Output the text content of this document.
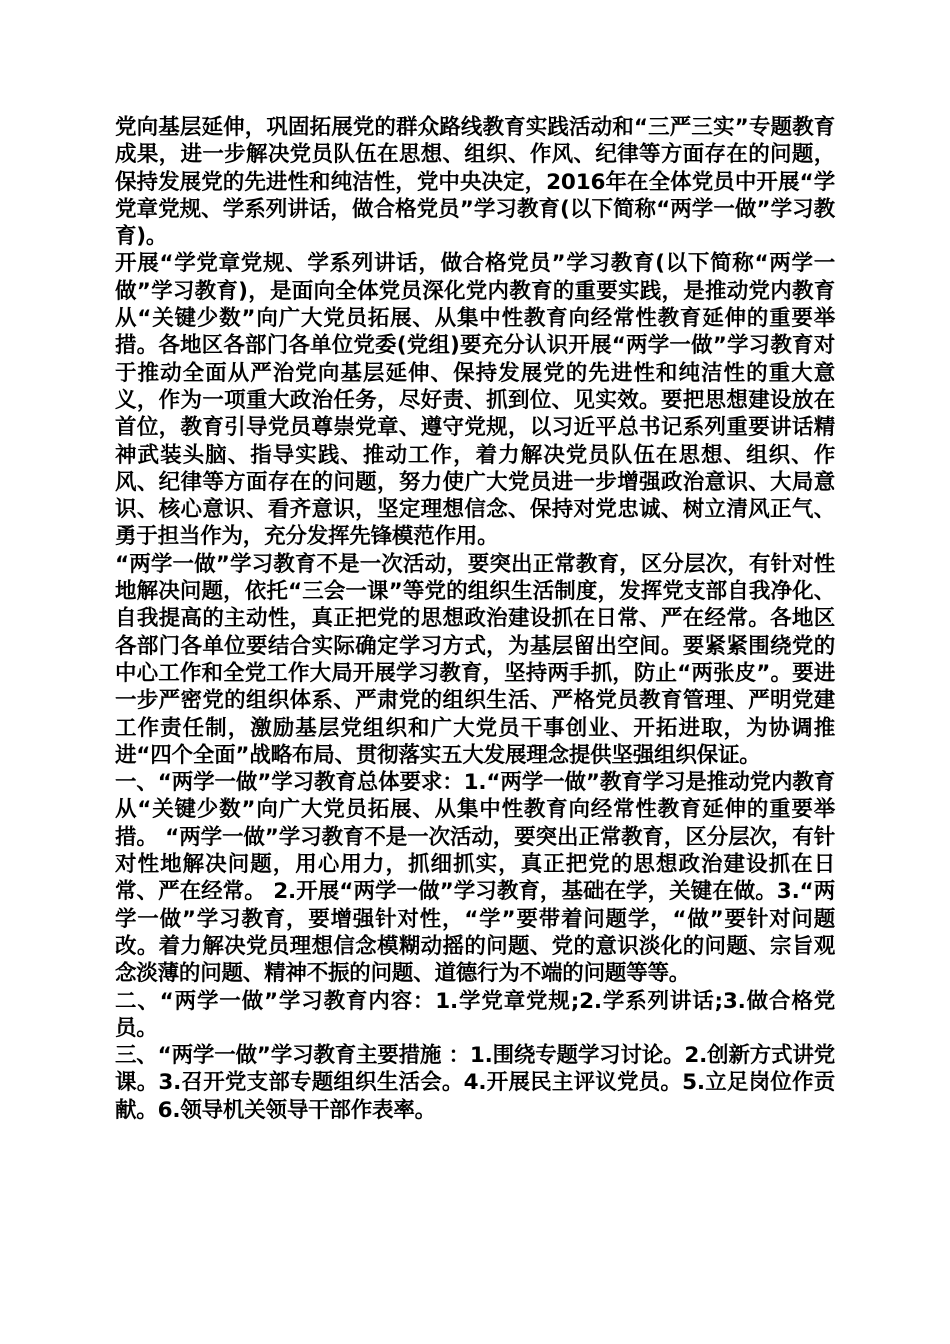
党向基层延伸，巩固拓展党的群众路线教育实践活动和“三严三实”专题教育成果，进一步解决党员队伍在思想、组织、作风、纪律等方面存在的问题，保持发展党的先进性和纯洁性，党中央决定，2016年在全体党员中开展“学党章党规、学系列讲话，做合格党员”学习教育(以下简称“两学一做”学习教育)。

开展“学党章党规、学系列讲话，做合格党员”学习教育(以下简称“两学一做”学习教育)，是面向全体党员深化党内教育的重要实践，是推动党内教育从“关键少数”向广大党员拓展、从集中性教育向经常性教育延伸的重要举措。各地区各部门各单位党委(党组)要充分认识开展“两学一做”学习教育对于推动全面从严治党向基层延伸、保持发展党的先进性和纯洁性的重大意义，作为一项重大政治任务，尽好责、抓到位、见实效。要把思想建设放在首位，教育引导党员尊崇党章、遵守党规，以习近平总书记系列重要讲话精神武装头脑、指导实践、推动工作，着力解决党员队伍在思想、组织、作风、纪律等方面存在的问题，努力使广大党员进一步增强政治意识、大局意识、核心意识、看齐意识，坚定理想信念、保持对党忠诚、树立清风正气、勇于担当作为，充分发挥先锋模范作用。

“两学一做”学习教育不是一次活动，要突出正常教育，区分层次，有针对性地解决问题，依托“三会一课”等党的组织生活制度，发挥党支部自我净化、自我提高的主动性，真正把党的思想政治建设抓在日常、严在经常。各地区各部门各单位要结合实际确定学习方式，为基层留出空间。要紧紧围绕党的中心工作和全党工作大局开展学习教育，坚持两手抓，防止“两张皮”。要进一步严密党的组织体系、严肃党的组织生活、严格党员教育管理、严明党建工作责任制，激励基层党组织和广大党员干事创业、开拓进取，为协调推进“四个全面”战略布局、贯彻落实五大发展理念提供坚强组织保证。

一、“两学一做”学习教育总体要求：1.“两学一做”教育学习是推动党内教育从“关键少数”向广大党员拓展、从集中性教育向经常性教育延伸的重要举措。 “两学一做”学习教育不是一次活动，要突出正常教育，区分层次，有针对性地解决问题，用心用力，抓细抓实，真正把党的思想政治建设抓在日常、严在经常。 2.开展“两学一做”学习教育，基础在学，关键在做。3.“两学一做”学习教育，要增强针对性，“学”要带着问题学，“做”要针对问题改。着力解决党员理想信念模糊动摇的问题、党的意识淡化的问题、宗旨观念淡薄的问题、精神不振的问题、道德行为不端的问题等等。

二、“两学一做”学习教育内容：1.学党章党规;2.学系列讲话;3.做合格党员。

三、“两学一做”学习教育主要措施 ：1.围绕专题学习讨论。2.创新方式讲党课。3.召开党支部专题组织生活会。4.开展民主评议党员。5.立足岗位作贡献。6.领导机关领导干部作表率。
